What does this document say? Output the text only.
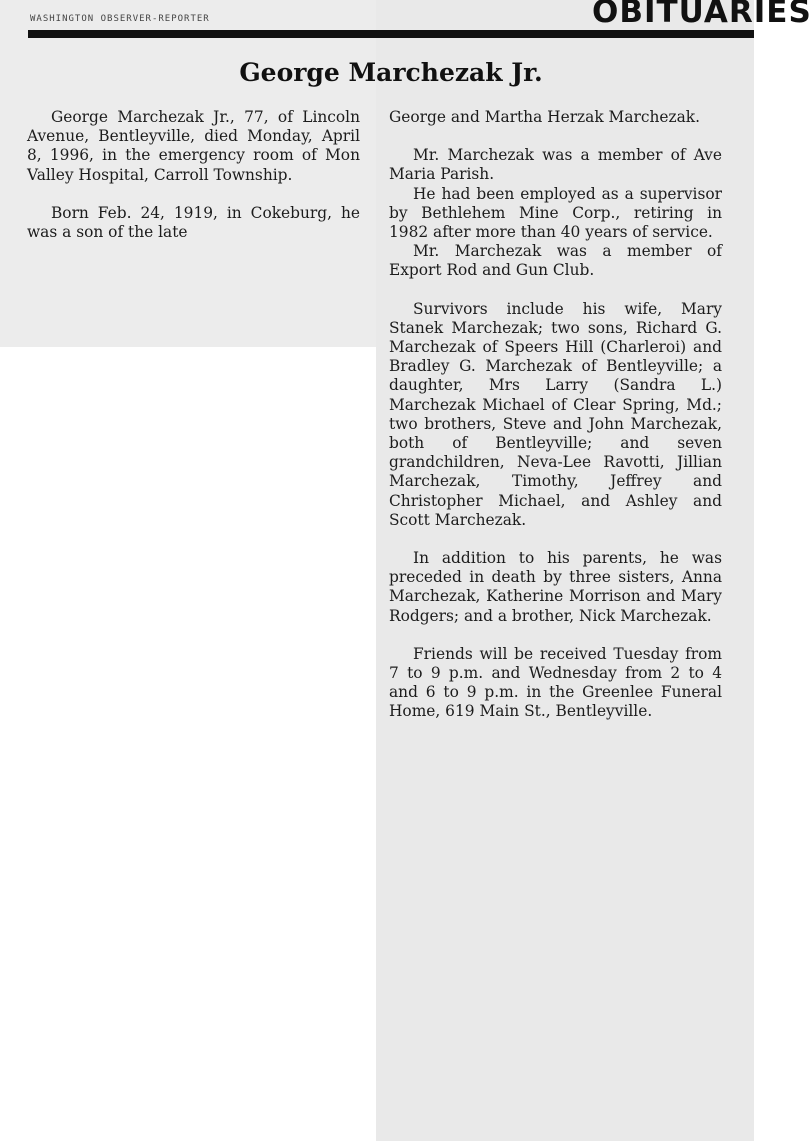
WASHINGTON OBSERVER-REPORTER	OBITUARIES
George Marchezak Jr.

George Marchezak Jr., 77, of Lincoln Avenue, Bentleyville, died Monday, April 8, 1996, in the emergency room of Mon Valley Hospital, Carroll Township.

Born Feb. 24, 1919, in Cokeburg, he was a son of the late

George and Martha Herzak Marchezak.

Mr. Marchezak was a member of Ave Maria Parish.

He had been employed as a supervisor by Bethlehem Mine Corp., retiring in 1982 after more than 40 years of service.

Mr. Marchezak was a member of Export Rod and Gun Club.

Survivors include his wife, Mary Stanek Marchezak; two sons, Richard G. Marchezak of Speers Hill (Charleroi) and Bradley G. Marchezak of Bentleyville; a daughter, Mrs Larry (Sandra L.) Marchezak Michael of Clear Spring, Md.; two brothers, Steve and John Marchezak, both of Bentleyville; and seven grandchildren, Neva-Lee Ravotti, Jillian Marchezak, Timothy, Jeffrey and Christopher Michael, and Ashley and Scott Marchezak.

In addition to his parents, he was preceded in death by three sisters, Anna Marchezak, Katherine Morrison and Mary Rodgers; and a brother, Nick Marchezak.

Friends will be received Tuesday from 7 to 9 p.m. and Wednesday from 2 to 4 and 6 to 9 p.m. in the Greenlee Funeral Home, 619 Main St., Bentleyville.
